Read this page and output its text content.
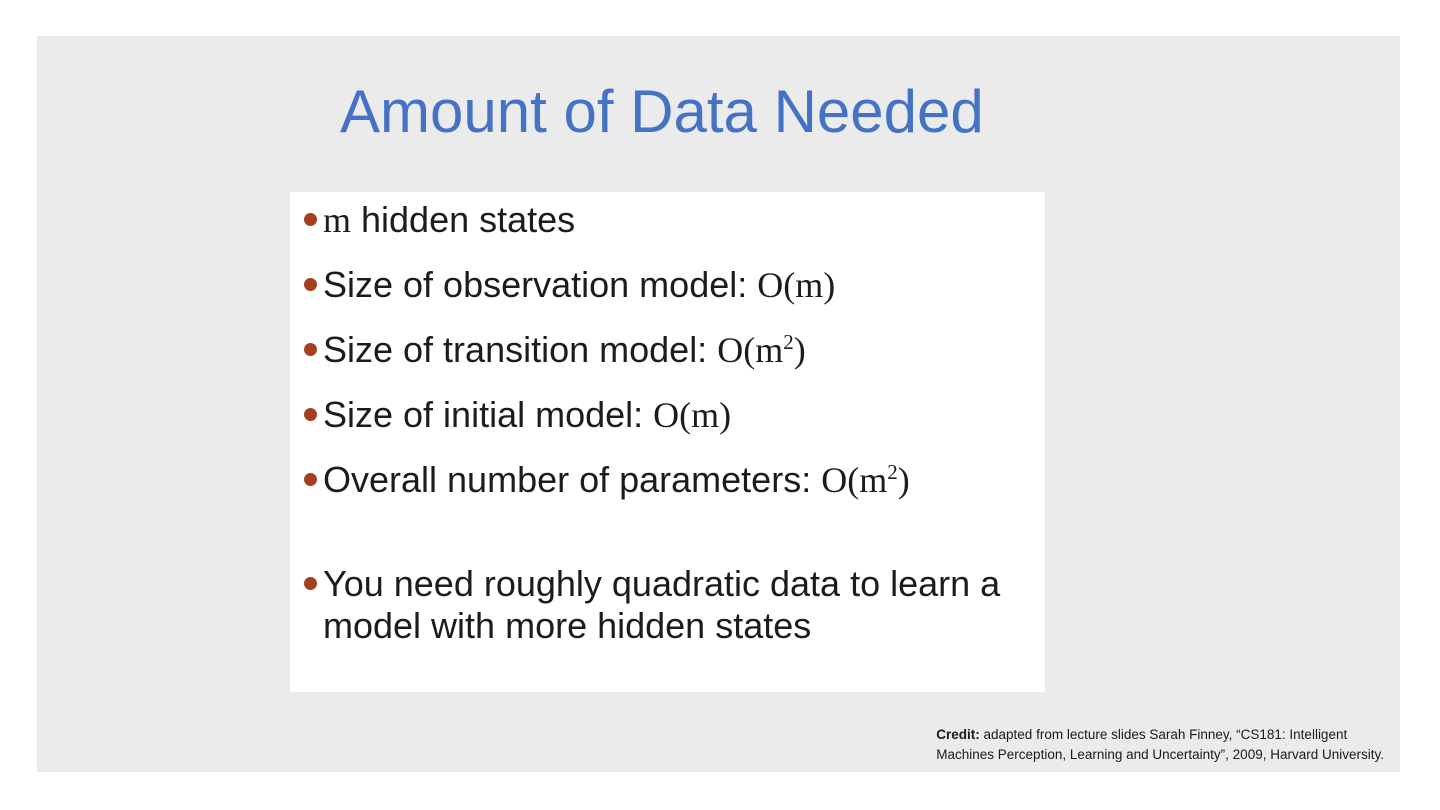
Amount of Data Needed
m hidden states
Size of observation model: O(m)
Size of transition model: $O(m^2)$
Size of initial model: O(m)
Overall number of parameters: $O(m^2)$
You need roughly quadratic data to learn a
model with more hidden states
Credit: adapted from lecture slides Sarah Finney, “CS181: Intelligent
Machines Perception, Learning and Uncertainty”, 2009, Harvard University.
